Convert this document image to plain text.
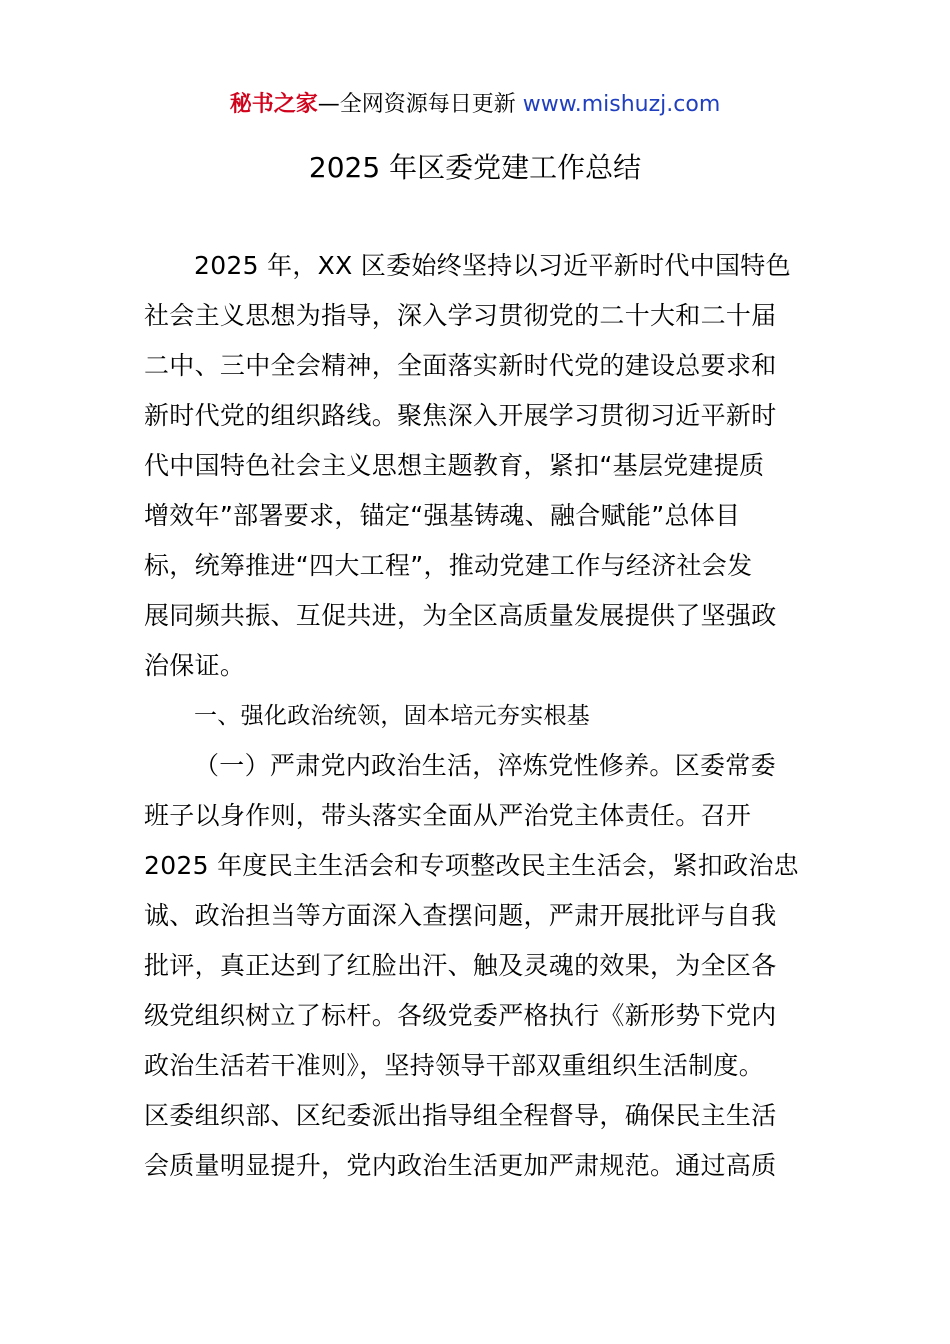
秘书之家—全网资源每日更新 www.mishuzj.com
2025 年区委党建工作总结
2025 年，XX 区委始终坚持以习近平新时代中国特色
社会主义思想为指导，深入学习贯彻党的二十大和二十届
二中、三中全会精神，全面落实新时代党的建设总要求和
新时代党的组织路线。聚焦深入开展学习贯彻习近平新时
代中国特色社会主义思想主题教育，紧扣“基层党建提质
增效年”部署要求，锚定“强基铸魂、融合赋能”总体目
标，统筹推进“四大工程”，推动党建工作与经济社会发
展同频共振、互促共进，为全区高质量发展提供了坚强政
治保证。
一、强化政治统领，固本培元夯实根基
（一）严肃党内政治生活，淬炼党性修养。区委常委
班子以身作则，带头落实全面从严治党主体责任。召开
2025 年度民主生活会和专项整改民主生活会，紧扣政治忠
诚、政治担当等方面深入查摆问题，严肃开展批评与自我
批评，真正达到了红脸出汗、触及灵魂的效果，为全区各
级党组织树立了标杆。各级党委严格执行《新形势下党内
政治生活若干准则》，坚持领导干部双重组织生活制度。
区委组织部、区纪委派出指导组全程督导，确保民主生活
会质量明显提升，党内政治生活更加严肃规范。通过高质
